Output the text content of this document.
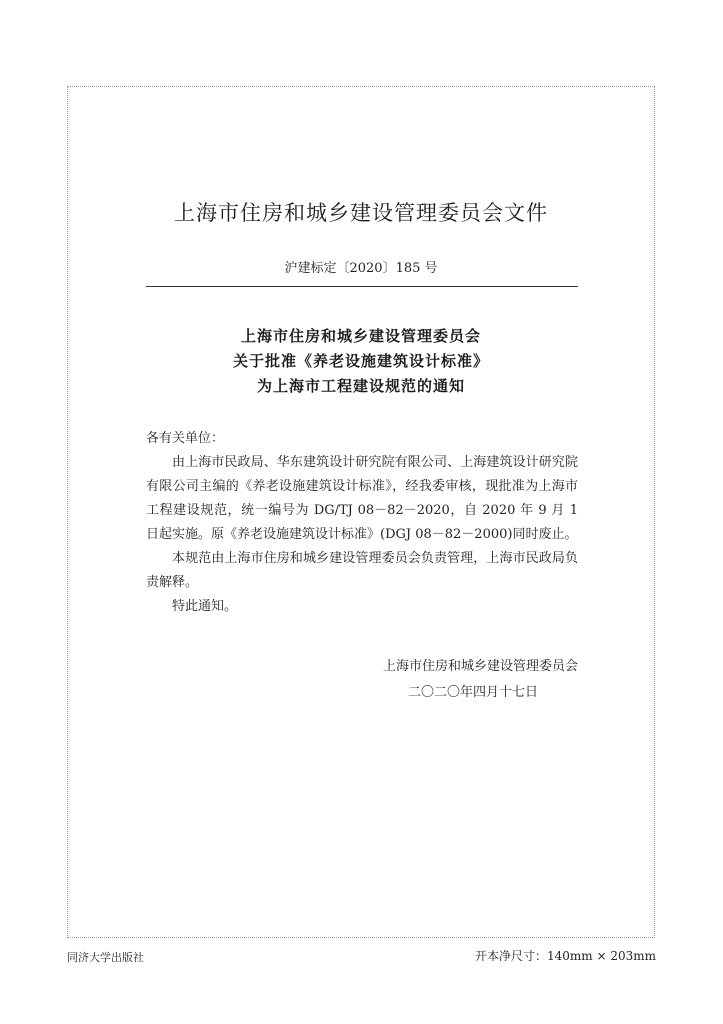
上海市住房和城乡建设管理委员会文件
沪建标定〔2020〕185 号
上海市住房和城乡建设管理委员会
关于批准《养老设施建筑设计标准》
为上海市工程建设规范的通知
各有关单位：
由上海市民政局、华东建筑设计研究院有限公司、上海建筑设计研究院有限公司主编的《养老设施建筑设计标准》，经我委审核，现批准为上海市工程建设规范，统一编号为 DG/TJ 08－82－2020，自 2020 年 9 月 1 日起实施。原《养老设施建筑设计标准》(DGJ 08－82－2000)同时废止。
本规范由上海市住房和城乡建设管理委员会负责管理，上海市民政局负责解释。
特此通知。
上海市住房和城乡建设管理委员会
二〇二〇年四月十七日
同济大学出版社	开本净尺寸：140mm × 203mm
